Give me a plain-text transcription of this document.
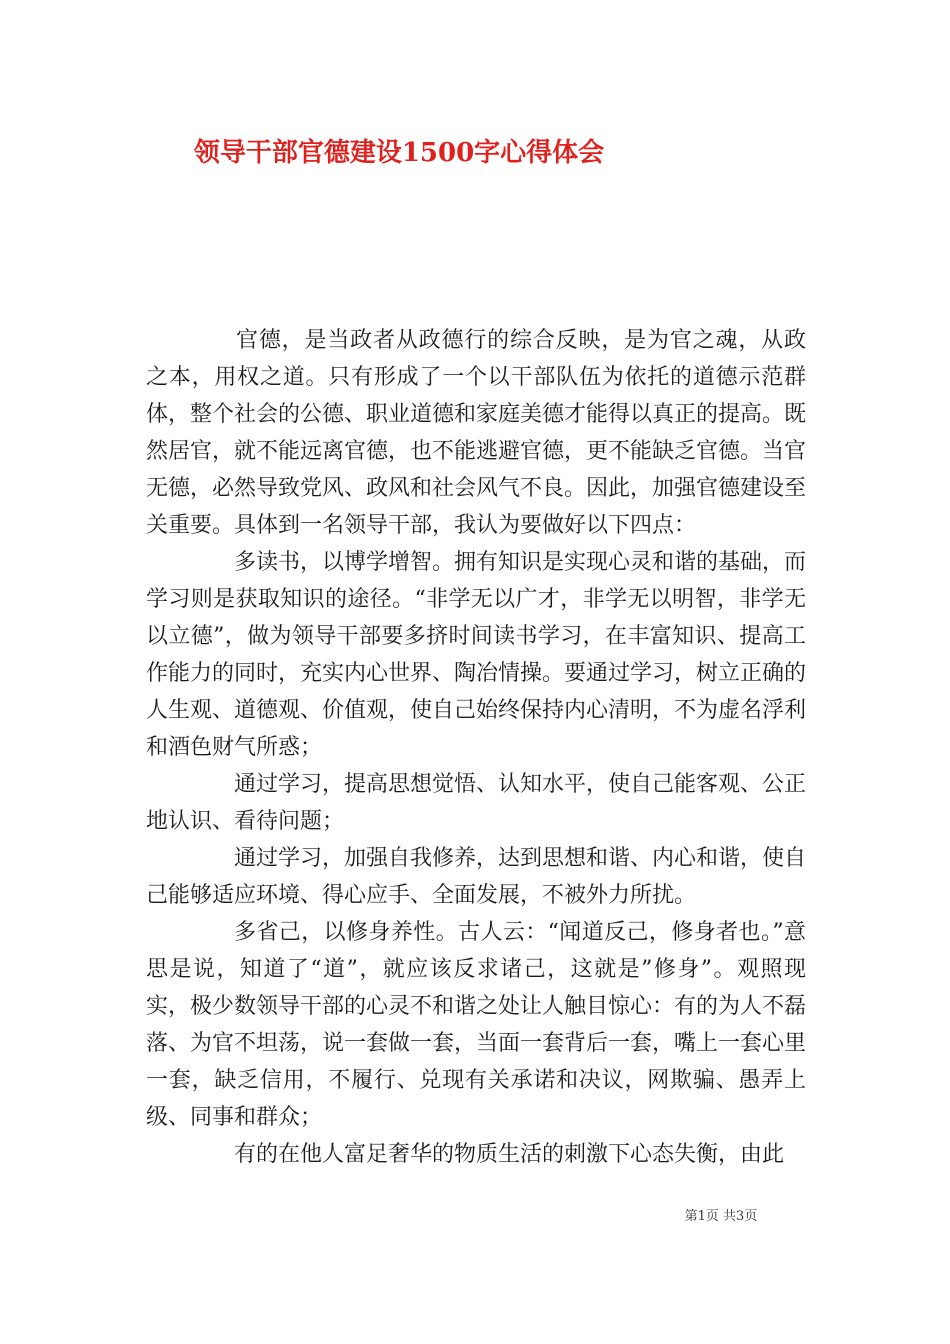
领导干部官德建设1500字心得体会

官德，是当政者从政德行的综合反映，是为官之魂，从政之本，用权之道。只有形成了一个以干部队伍为依托的道德示范群体，整个社会的公德、职业道德和家庭美德才能得以真正的提高。既然居官，就不能远离官德，也不能逃避官德，更不能缺乏官德。当官无德，必然导致党风、政风和社会风气不良。因此，加强官德建设至关重要。具体到一名领导干部，我认为要做好以下四点：

多读书，以博学增智。拥有知识是实现心灵和谐的基础，而学习则是获取知识的途径。“非学无以广才，非学无以明智，非学无以立德”，做为领导干部要多挤时间读书学习，在丰富知识、提高工作能力的同时，充实内心世界、陶冶情操。要通过学习，树立正确的人生观、道德观、价值观，使自己始终保持内心清明，不为虚名浮利和酒色财气所惑；

通过学习，提高思想觉悟、认知水平，使自己能客观、公正地认识、看待问题；

通过学习，加强自我修养，达到思想和谐、内心和谐，使自己能够适应环境、得心应手、全面发展，不被外力所扰。

多省己，以修身养性。古人云：“闻道反己，修身者也。”意思是说，知道了“道”，就应该反求诸己，这就是”修身”。观照现实，极少数领导干部的心灵不和谐之处让人触目惊心：有的为人不磊落、为官不坦荡，说一套做一套，当面一套背后一套，嘴上一套心里一套，缺乏信用，不履行、兑现有关承诺和决议，网欺骗、愚弄上级、同事和群众；

有的在他人富足奢华的物质生活的刺激下心态失衡，由此

第1页 共3页
